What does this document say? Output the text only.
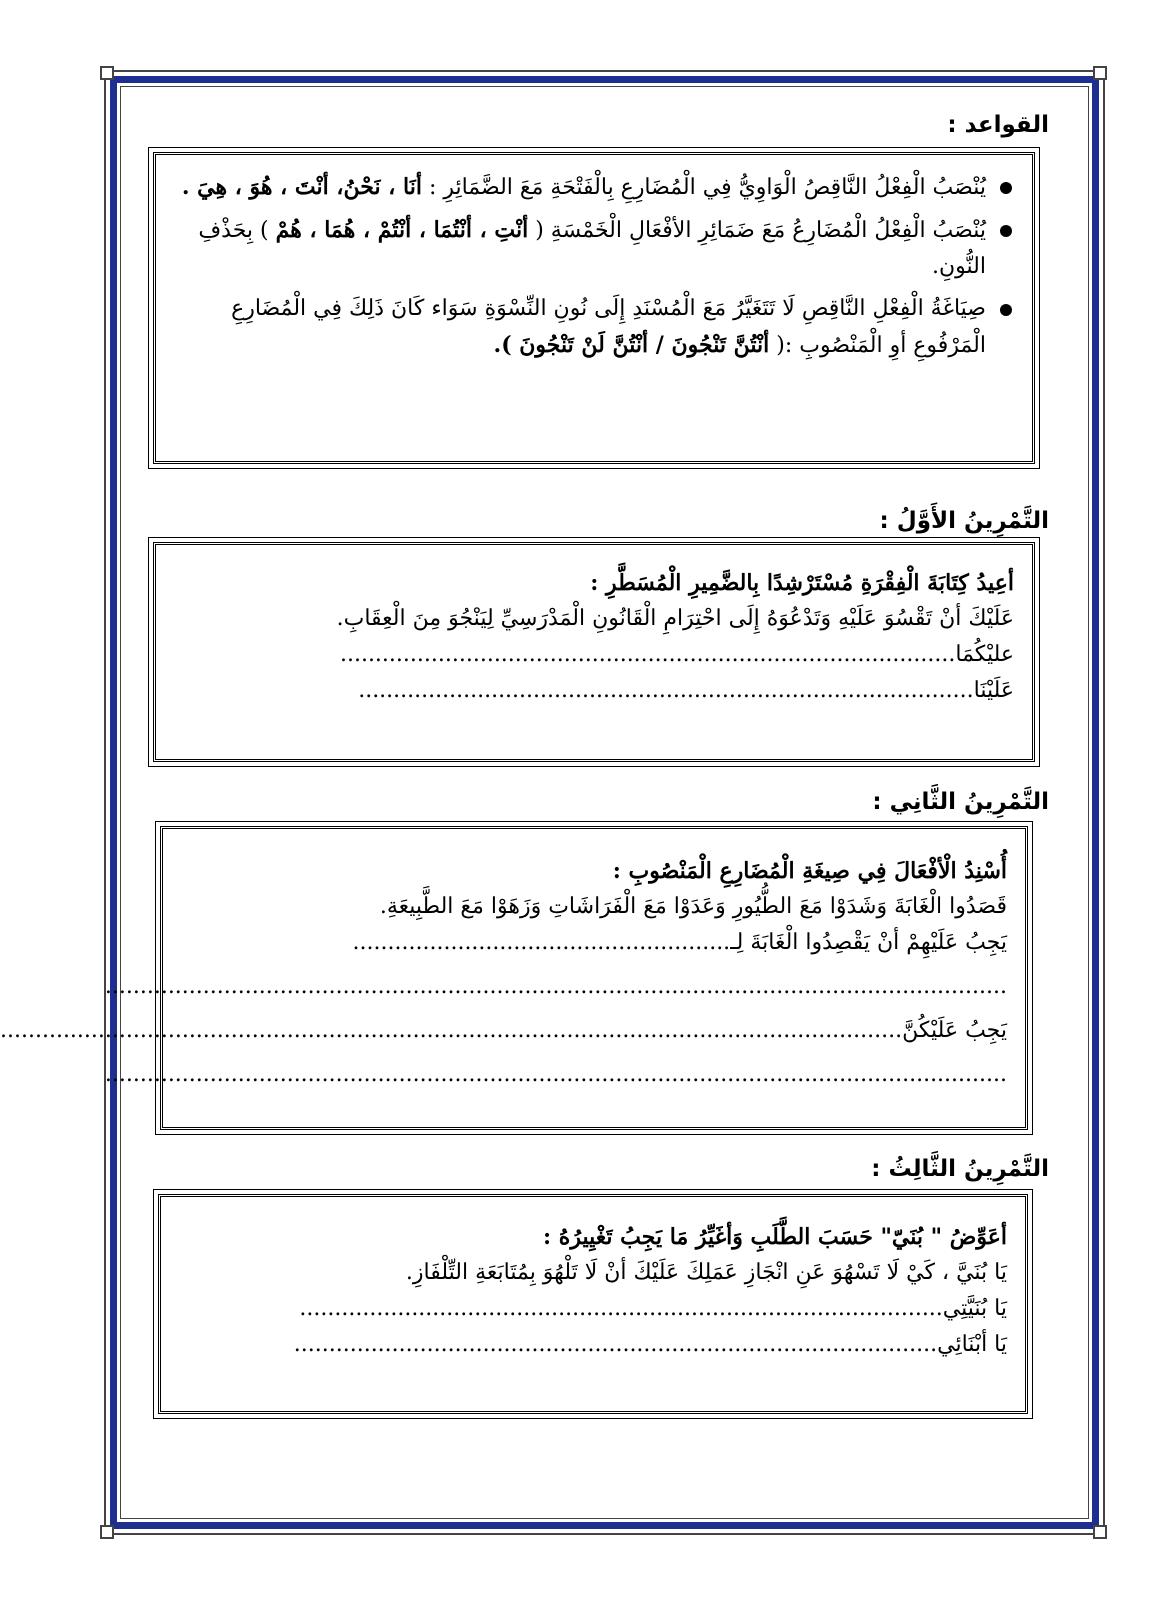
القواعد :
يُنْصَبُ الْفِعْلُ النَّاقِصُ الْوَاوِيُّ فِي الْمُضَارِعِ بِالْفَتْحَةِ مَعَ الضَّمَائِرِ : أنَا ، نَحْنُ، أنْتَ ، هُوَ ، هِيَ .
يُنْصَبُ الْفِعْلُ الْمُضَارِعُ مَعَ ضَمَائِرِ الأفْعَالِ الْخَمْسَةِ ( أنْتِ ، أنْتُمَا ، أنْتُمْ ، هُمَا ، هُمْ ) بِحَذْفِ النُّونِ.
صِيَاغَةُ الْفِعْلِ النَّاقِصِ لَا تَتَغَيَّرُ مَعَ الْمُسْنَدِ إِلَى نُونِ النِّسْوَةِ سَوَاء كَانَ ذَلِكَ فِي الْمُضَارِعِ الْمَرْفُوعِ أوِ الْمَنْصُوبِ :( أنْتُنَّ تَنْجُونَ / أنْتُنَّ لَنْ تَنْجُونَ ).
التَّمْرِينُ الأَوَّلُ :
أعِيدُ كِتَابَةَ الْفِقْرَةِ مُسْتَرْشِدًا بِالضَّمِيرِ الْمُسَطَّرِ :
عَلَيْكَ أنْ تَقْسُوَ عَلَيْهِ وَتَدْعُوَهُ إِلَى احْتِرَامِ الْقَانُونِ الْمَدْرَسِيِّ لِيَنْجُوَ مِنَ الْعِقَابِ.
عليْكُمَا........................................................................................
عَلَيْنَا........................................................................................
التَّمْرِينُ الثَّانِي :
أُسْنِدُ الْأفْعَالَ فِي صِيغَةِ الْمُضَارِعِ الْمَنْصُوبِ :
قَصَدُوا الْغَابَةَ وَشَدَوْا مَعَ الطُّيُورِ وَعَدَوْا مَعَ الْفَرَاشَاتِ وَزَهَوْا مَعَ الطَّبِيعَةِ.
يَجِبُ عَلَيْهِمْ أنْ يَقْصِدُوا الْغَابَةَ لِـ......................................................
.................................................................................................................................
يَجِبُ عَلَيْكُنَّ.................................................................................................................................
.................................................................................................................................
التَّمْرِينُ الثَّالِثُ :
أعَوِّضُ " بُنَيّ" حَسَبَ الطَّلَبِ وَأغَيِّرُ مَا يَجِبُ تَغْيِيرُهُ :
يَا بُنَيَّ ، كَيْ لَا تَسْهُوَ عَنِ انْجَازِ عَمَلِكَ عَلَيْكَ أنْ لَا تَلْهُوَ بِمُتَابَعَةِ التِّلْفَازِ.
يَا بُنَيَّتِي............................................................................................
يَا أبْنَائِي............................................................................................
